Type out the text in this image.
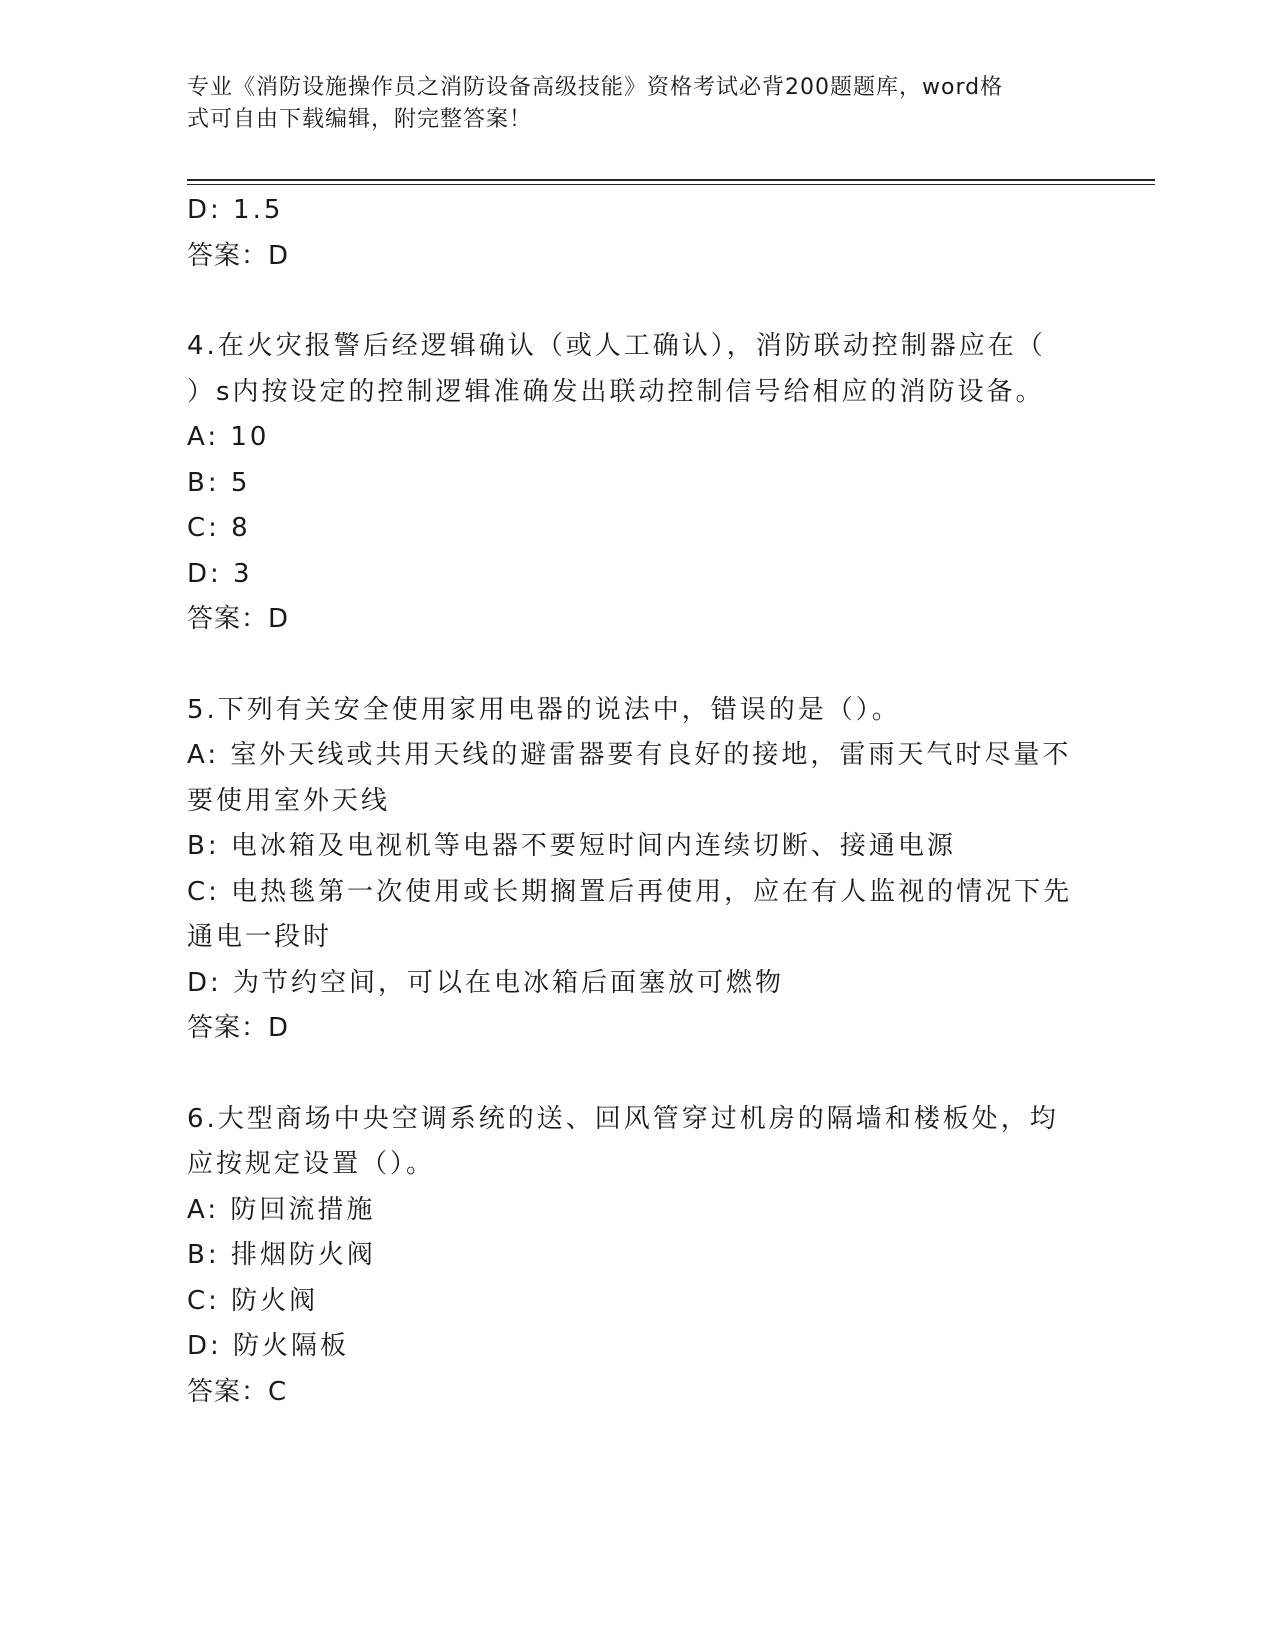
专业《消防设施操作员之消防设备高级技能》资格考试必背200题题库，word格
式可自由下载编辑，附完整答案！
D: 1.5
答案：D
4.在火灾报警后经逻辑确认（或人工确认），消防联动控制器应在（
）s内按设定的控制逻辑准确发出联动控制信号给相应的消防设备。
A: 10
B: 5
C: 8
D: 3
答案：D
5.下列有关安全使用家用电器的说法中，错误的是（）。
A: 室外天线或共用天线的避雷器要有良好的接地，雷雨天气时尽量不
要使用室外天线
B: 电冰箱及电视机等电器不要短时间内连续切断、接通电源
C: 电热毯第一次使用或长期搁置后再使用，应在有人监视的情况下先
通电一段时
D: 为节约空间，可以在电冰箱后面塞放可燃物
答案：D
6.大型商场中央空调系统的送、回风管穿过机房的隔墙和楼板处，均
应按规定设置（）。
A: 防回流措施
B: 排烟防火阀
C: 防火阀
D: 防火隔板
答案：C
